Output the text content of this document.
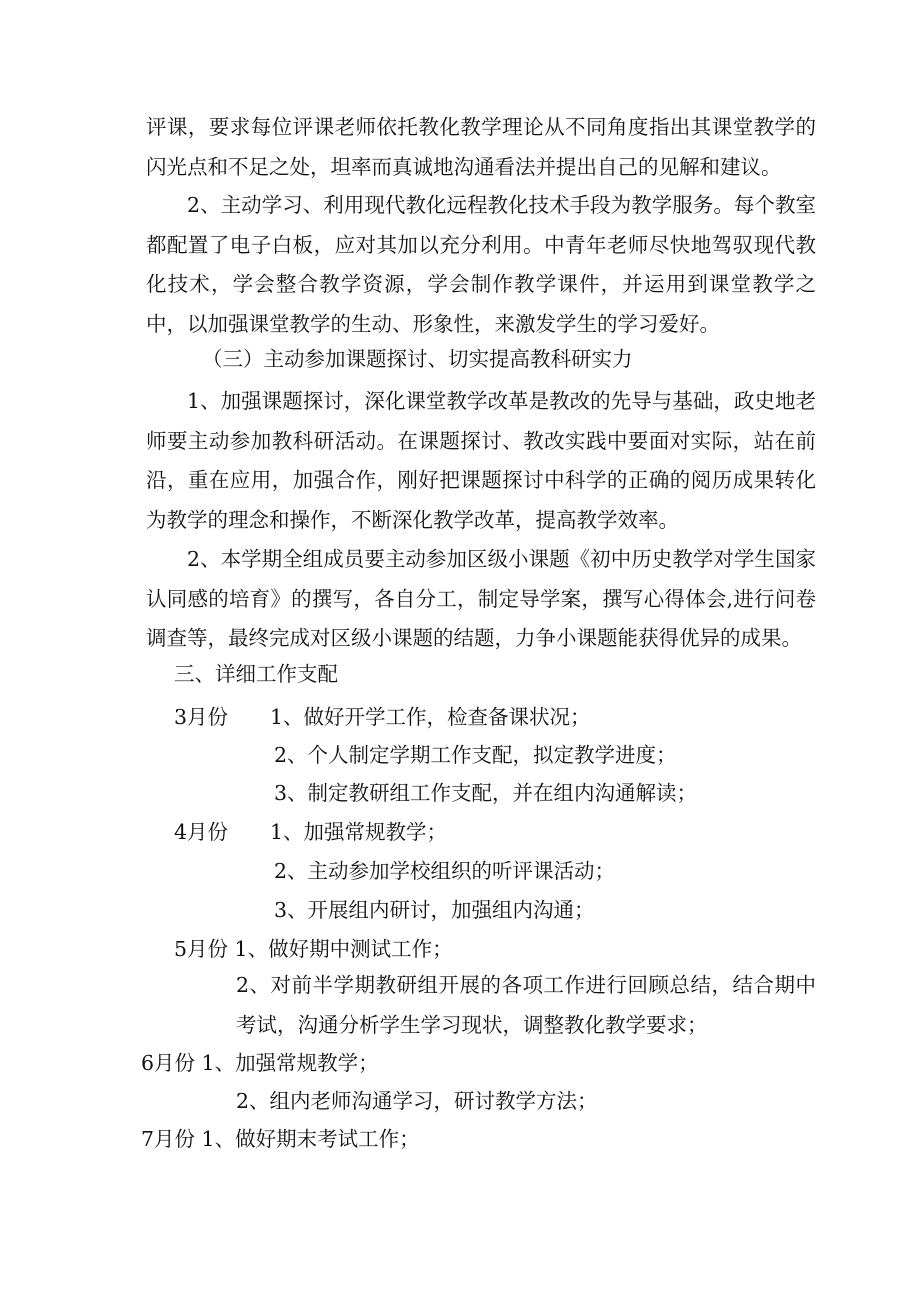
评课，要求每位评课老师依托教化教学理论从不同角度指出其课堂教学的闪光点和不足之处，坦率而真诚地沟通看法并提出自己的见解和建议。

2、主动学习、利用现代教化远程教化技术手段为教学服务。每个教室都配置了电子白板，应对其加以充分利用。中青年老师尽快地驾驭现代教化技术，学会整合教学资源，学会制作教学课件，并运用到课堂教学之中，以加强课堂教学的生动、形象性，来激发学生的学习爱好。

（三）主动参加课题探讨、切实提高教科研实力

1、加强课题探讨，深化课堂教学改革是教改的先导与基础，政史地老师要主动参加教科研活动。在课题探讨、教改实践中要面对实际，站在前沿，重在应用，加强合作，刚好把课题探讨中科学的正确的阅历成果转化为教学的理念和操作，不断深化教学改革，提高教学效率。

2、本学期全组成员要主动参加区级小课题《初中历史教学对学生国家认同感的培育》的撰写，各自分工，制定导学案，撰写心得体会,进行问卷调查等，最终完成对区级小课题的结题，力争小课题能获得优异的成果。

三、详细工作支配
3月份 1、做好开学工作，检查备课状况；
2、个人制定学期工作支配，拟定教学进度；
3、制定教研组工作支配，并在组内沟通解读；
4月份 1、加强常规教学；
2、主动参加学校组织的听评课活动；
3、开展组内研讨，加强组内沟通；
5月份 1、做好期中测试工作；

2、对前半学期教研组开展的各项工作进行回顾总结，结合期中考试，沟通分析学生学习现状，调整教化教学要求；

6月份 1、加强常规教学；
2、组内老师沟通学习，研讨教学方法；
7月份 1、做好期末考试工作；
